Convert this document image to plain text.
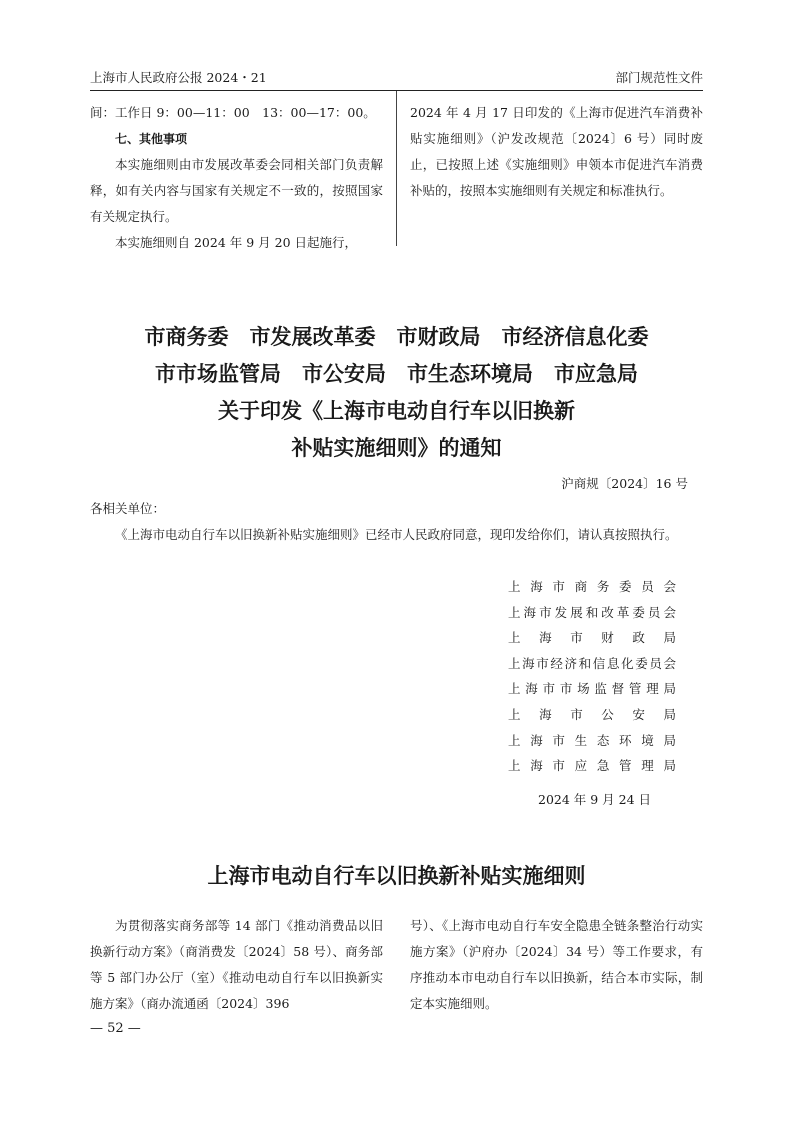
上海市人民政府公报 2024・21	部门规范性文件

间：工作日 9：00—11：00　13：00—17：00。

七、其他事项

本实施细则由市发展改革委会同相关部门负责解释，如有关内容与国家有关规定不一致的，按照国家有关规定执行。

本实施细则自 2024 年 9 月 20 日起施行，

2024 年 4 月 17 日印发的《上海市促进汽车消费补贴实施细则》（沪发改规范〔2024〕6 号）同时废止，已按照上述《实施细则》申领本市促进汽车消费补贴的，按照本实施细则有关规定和标准执行。

市商务委　市发展改革委　市财政局　市经济信息化委
市市场监管局　市公安局　市生态环境局　市应急局
关于印发《上海市电动自行车以旧换新
补贴实施细则》的通知
沪商规〔2024〕16 号
各相关单位：

《上海市电动自行车以旧换新补贴实施细则》已经市人民政府同意，现印发给你们，请认真按照执行。

上海市商务委员会
上海市发展和改革委员会
上海市财政局
上海市经济和信息化委员会
上海市市场监督管理局
上海市公安局
上海市生态环境局
上海市应急管理局
2024 年 9 月 24 日
上海市电动自行车以旧换新补贴实施细则

为贯彻落实商务部等 14 部门《推动消费品以旧换新行动方案》（商消费发〔2024〕58 号）、商务部等 5 部门办公厅（室）《推动电动自行车以旧换新实施方案》（商办流通函〔2024〕396

号）、《上海市电动自行车安全隐患全链条整治行动实施方案》（沪府办〔2024〕34 号）等工作要求，有序推动本市电动自行车以旧换新，结合本市实际，制定本实施细则。

— 52 —
